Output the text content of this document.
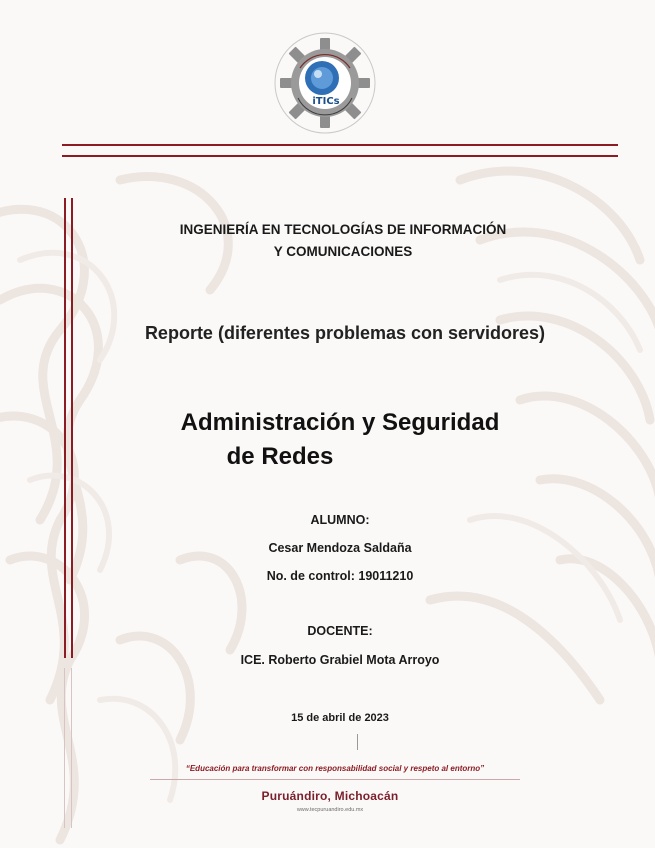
iTICs
INGENIERÍA EN TECNOLOGÍAS DE INFORMACIÓN
Y COMUNICACIONES
Reporte (diferentes problemas con servidores)
Administración y Seguridad
de Redes
ALUMNO:
Cesar Mendoza Saldaña
No. de control: 19011210
DOCENTE:
ICE. Roberto Grabiel Mota Arroyo
15 de abril de 2023
“Educación para transformar con responsabilidad social y respeto al entorno”
Puruándiro, Michoacán
www.tecpuruandiro.edu.mx
